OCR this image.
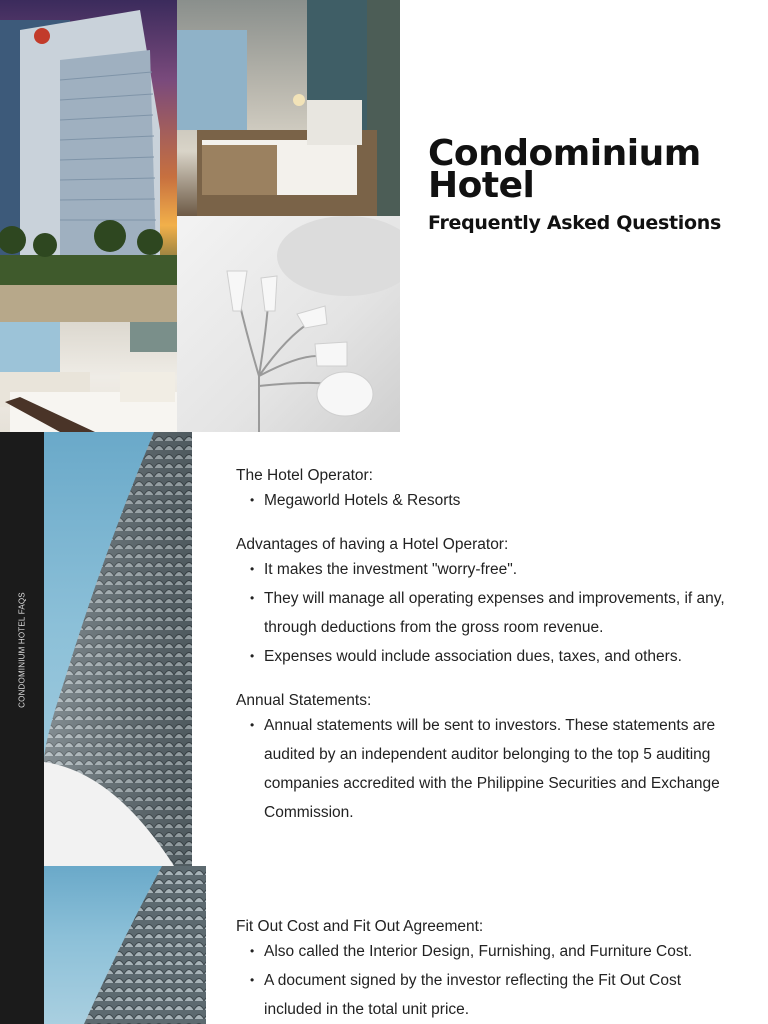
Condominium Hotel
Frequently Asked Questions
CONDOMINIUM HOTEL FAQS

The Hotel Operator:

• Megaworld Hotels & Resorts

Advantages of having a Hotel Operator:

• It makes the investment "worry-free".
• They will manage all operating expenses and improvements, if any, through deductions from the gross room revenue.
• Expenses would include association dues, taxes, and others.

Annual Statements:

• Annual statements will be sent to investors. These statements are audited by an independent auditor belonging to the top 5 auditing companies accredited with the Philippine Securities and Exchange Commission.

Fit Out Cost and Fit Out Agreement:

• Also called the Interior Design, Furnishing, and Furniture Cost.
• A document signed by the investor reflecting the Fit Out Cost included in the total unit price.
